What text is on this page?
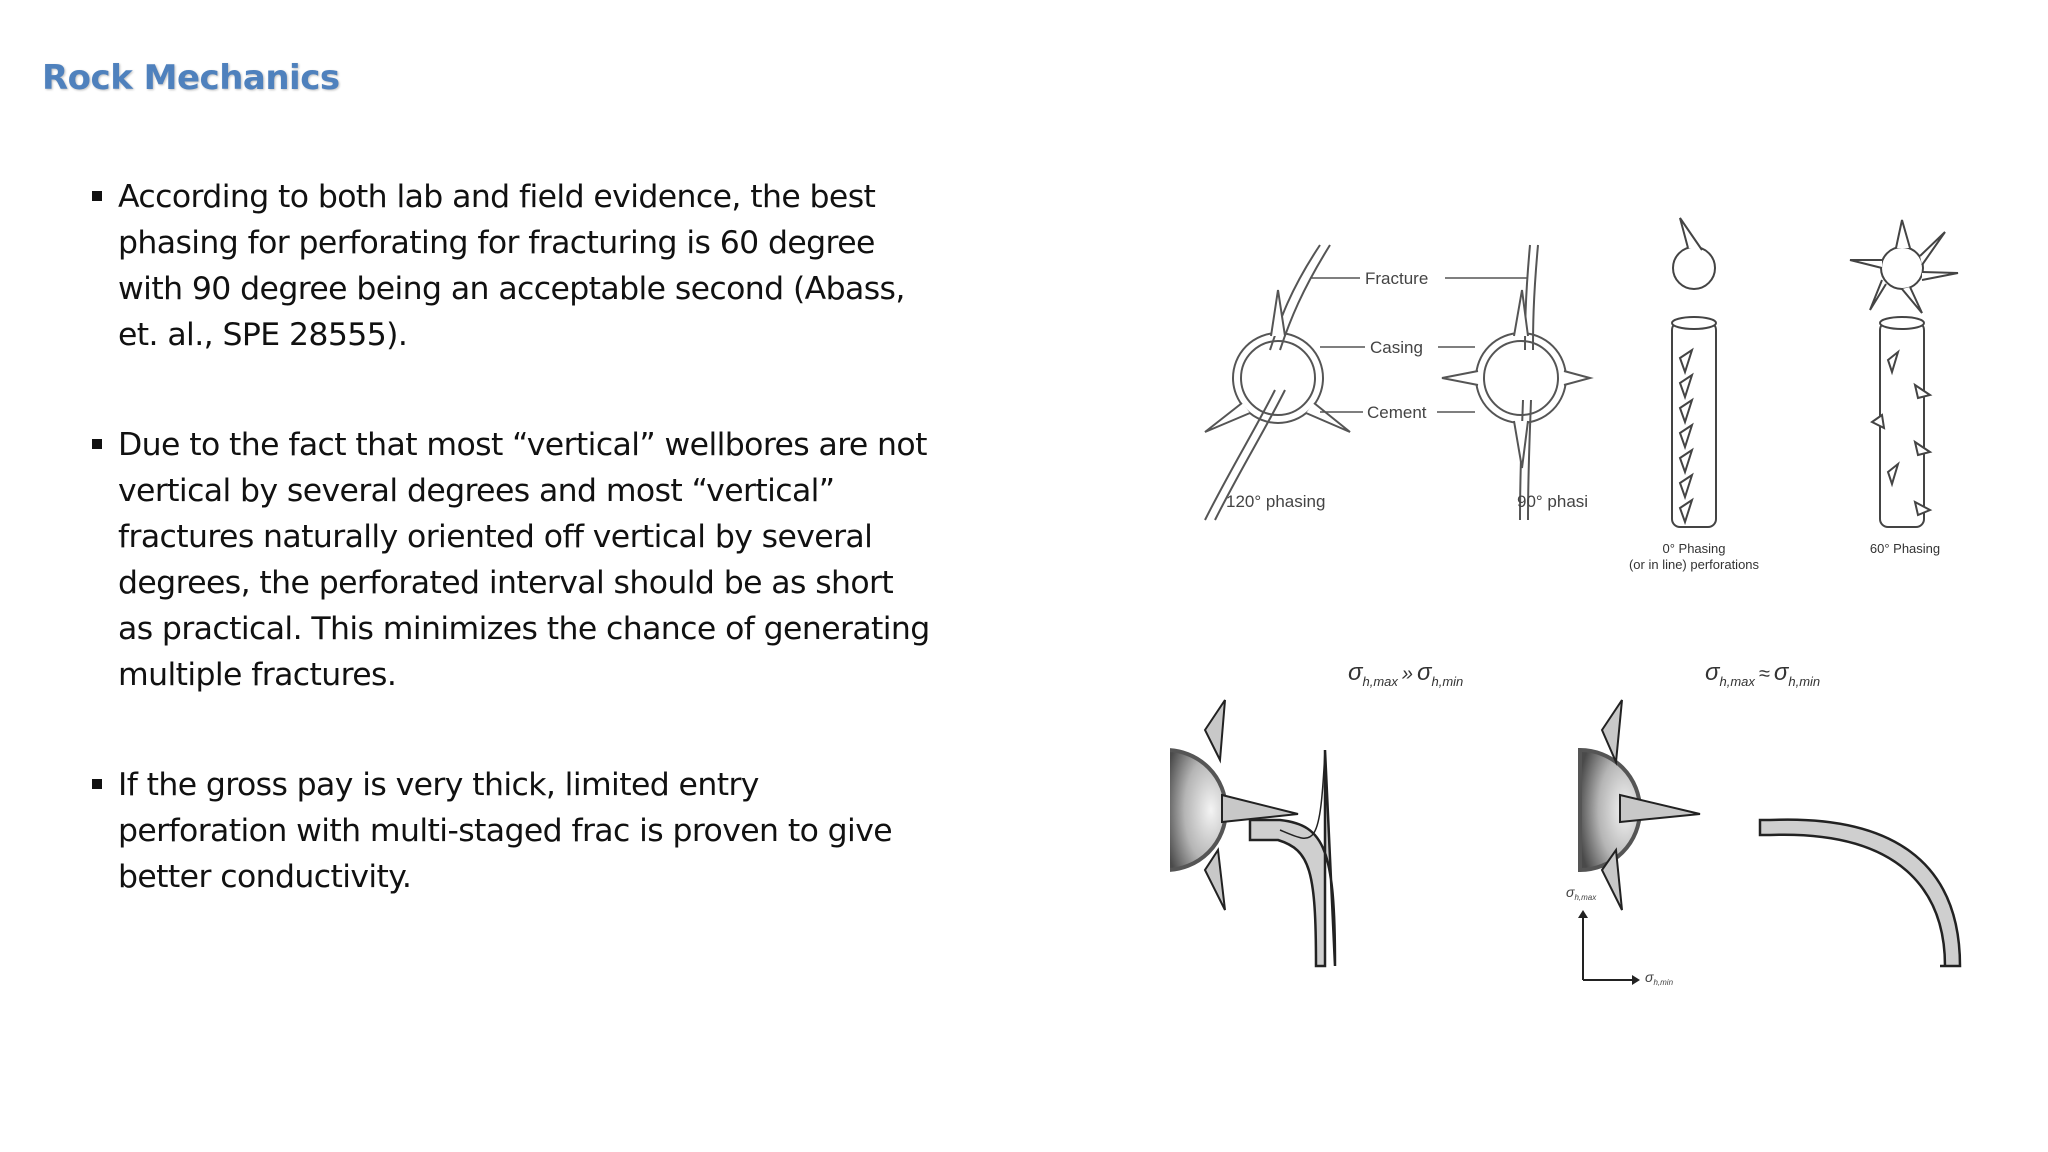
Rock Mechanics
According to both lab and field evidence, the best phasing for perforating for fracturing is 60 degree with 90 degree being an acceptable second (Abass, et. al., SPE 28555).
Due to the fact that most “vertical” wellbores are not vertical by several degrees and most “vertical” fractures naturally oriented off vertical by several degrees, the perforated interval should be as short as practical. This minimizes the chance of generating multiple fractures.
If the gross pay is very thick, limited entry perforation with multi-staged frac is proven to give better conductivity.
Fracture
Casing
Cement
120° phasing	90° phasi
0° Phasing
(or in line) perforations
60° Phasing
$\sigma_{h,max}$ » $\sigma_{h,min}$	$\sigma_{h,max}$ ≈ $\sigma_{h,min}$
$\sigma_{h,max}$
$\sigma_{h,min}$
